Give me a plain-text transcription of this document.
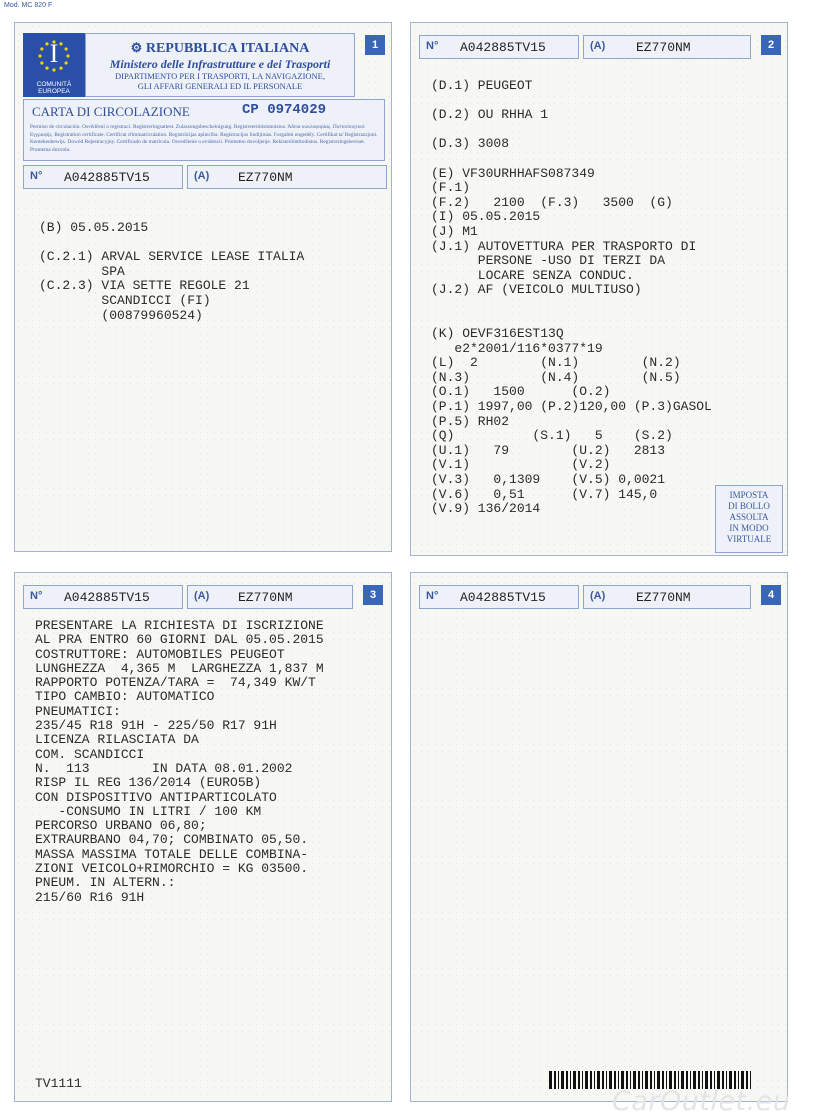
Mod. MC 820 F
I
COMUNITÀ
EUROPEA
⚙ REPUBBLICA ITALIANA
Ministero delle Infrastrutture e dei Trasporti
DIPARTIMENTO PER I TRASPORTI, LA NAVIGAZIONE,
GLI AFFARI GENERALI ED IL PERSONALE
1
CARTA DI CIRCOLAZIONE	CP 0974029
Permiso de circulación. Osvědčení o registraci. Registreringsattest. Zulassungsbescheinigung. Registreerimistunnistus. Άδεια κυκλοφορίας. Πιστοποιητικό Εγγραφής. Registration certificate. Certificat d'immatriculation. Registrācijas apliecība. Registracijos liudijimas. Forgalmi engedély. Certifikat ta' Reġistrazzjoni. Kentekenbewijs. Dowód Rejestracyjny. Certificado de matrícula. Osvedčenie o evidencii. Prometno dovoljenje. Rekisteröintitodistus. Registreringsbeviset. Prometna dozvola.
N° A042885TV15	(A) EZ770NM
(B) 05.05.2015

(C.2.1) ARVAL SERVICE LEASE ITALIA
SPA
(C.2.3) VIA SETTE REGOLE 21
SCANDICCI (FI)
(00879960524)
N° A042885TV15	(A) EZ770NM	2
(D.1) PEUGEOT

(D.2) OU RHHA 1

(D.3) 3008

(E) VF30URHHAFS087349
(F.1)
(F.2)   2100  (F.3)   3500  (G)
(I) 05.05.2015
(J) M1
(J.1) AUTOVETTURA PER TRASPORTO DI
PERSONE -USO DI TERZI DA
LOCARE SENZA CONDUC.
(J.2) AF (VEICOLO MULTIUSO)

(K) OEVF316EST13Q
e2*2001/116*0377*19
(L)  2        (N.1)        (N.2)
(N.3)         (N.4)        (N.5)
(O.1)   1500      (O.2)
(P.1) 1997,00 (P.2)120,00 (P.3)GASOL
(P.5) RH02
(Q)          (S.1)   5    (S.2)
(U.1)   79        (U.2)   2813
(V.1)             (V.2)
(V.3)   0,1309    (V.5) 0,0021
(V.6)   0,51      (V.7) 145,0
(V.9) 136/2014
IMPOSTA
DI BOLLO
ASSOLTA
IN MODO
VIRTUALE
N° A042885TV15	(A) EZ770NM	3
PRESENTARE LA RICHIESTA DI ISCRIZIONE
AL PRA ENTRO 60 GIORNI DAL 05.05.2015
COSTRUTTORE: AUTOMOBILES PEUGEOT
LUNGHEZZA  4,365 M  LARGHEZZA 1,837 M
RAPPORTO POTENZA/TARA =  74,349 KW/T
TIPO CAMBIO: AUTOMATICO
PNEUMATICI:
235/45 R18 91H - 225/50 R17 91H
LICENZA RILASCIATA DA
COM. SCANDICCI
N.  113        IN DATA 08.01.2002
RISP IL REG 136/2014 (EURO5B)
CON DISPOSITIVO ANTIPARTICOLATO
-CONSUMO IN LITRI / 100 KM
PERCORSO URBANO 06,80;
EXTRAURBANO 04,70; COMBINATO 05,50.
MASSA MASSIMA TOTALE DELLE COMBINA-
ZIONI VEICOLO+RIMORCHIO = KG 03500.
PNEUM. IN ALTERN.:
215/60 R16 91H
TV1111
N° A042885TV15	(A) EZ770NM	4
CarOutlet.eu
